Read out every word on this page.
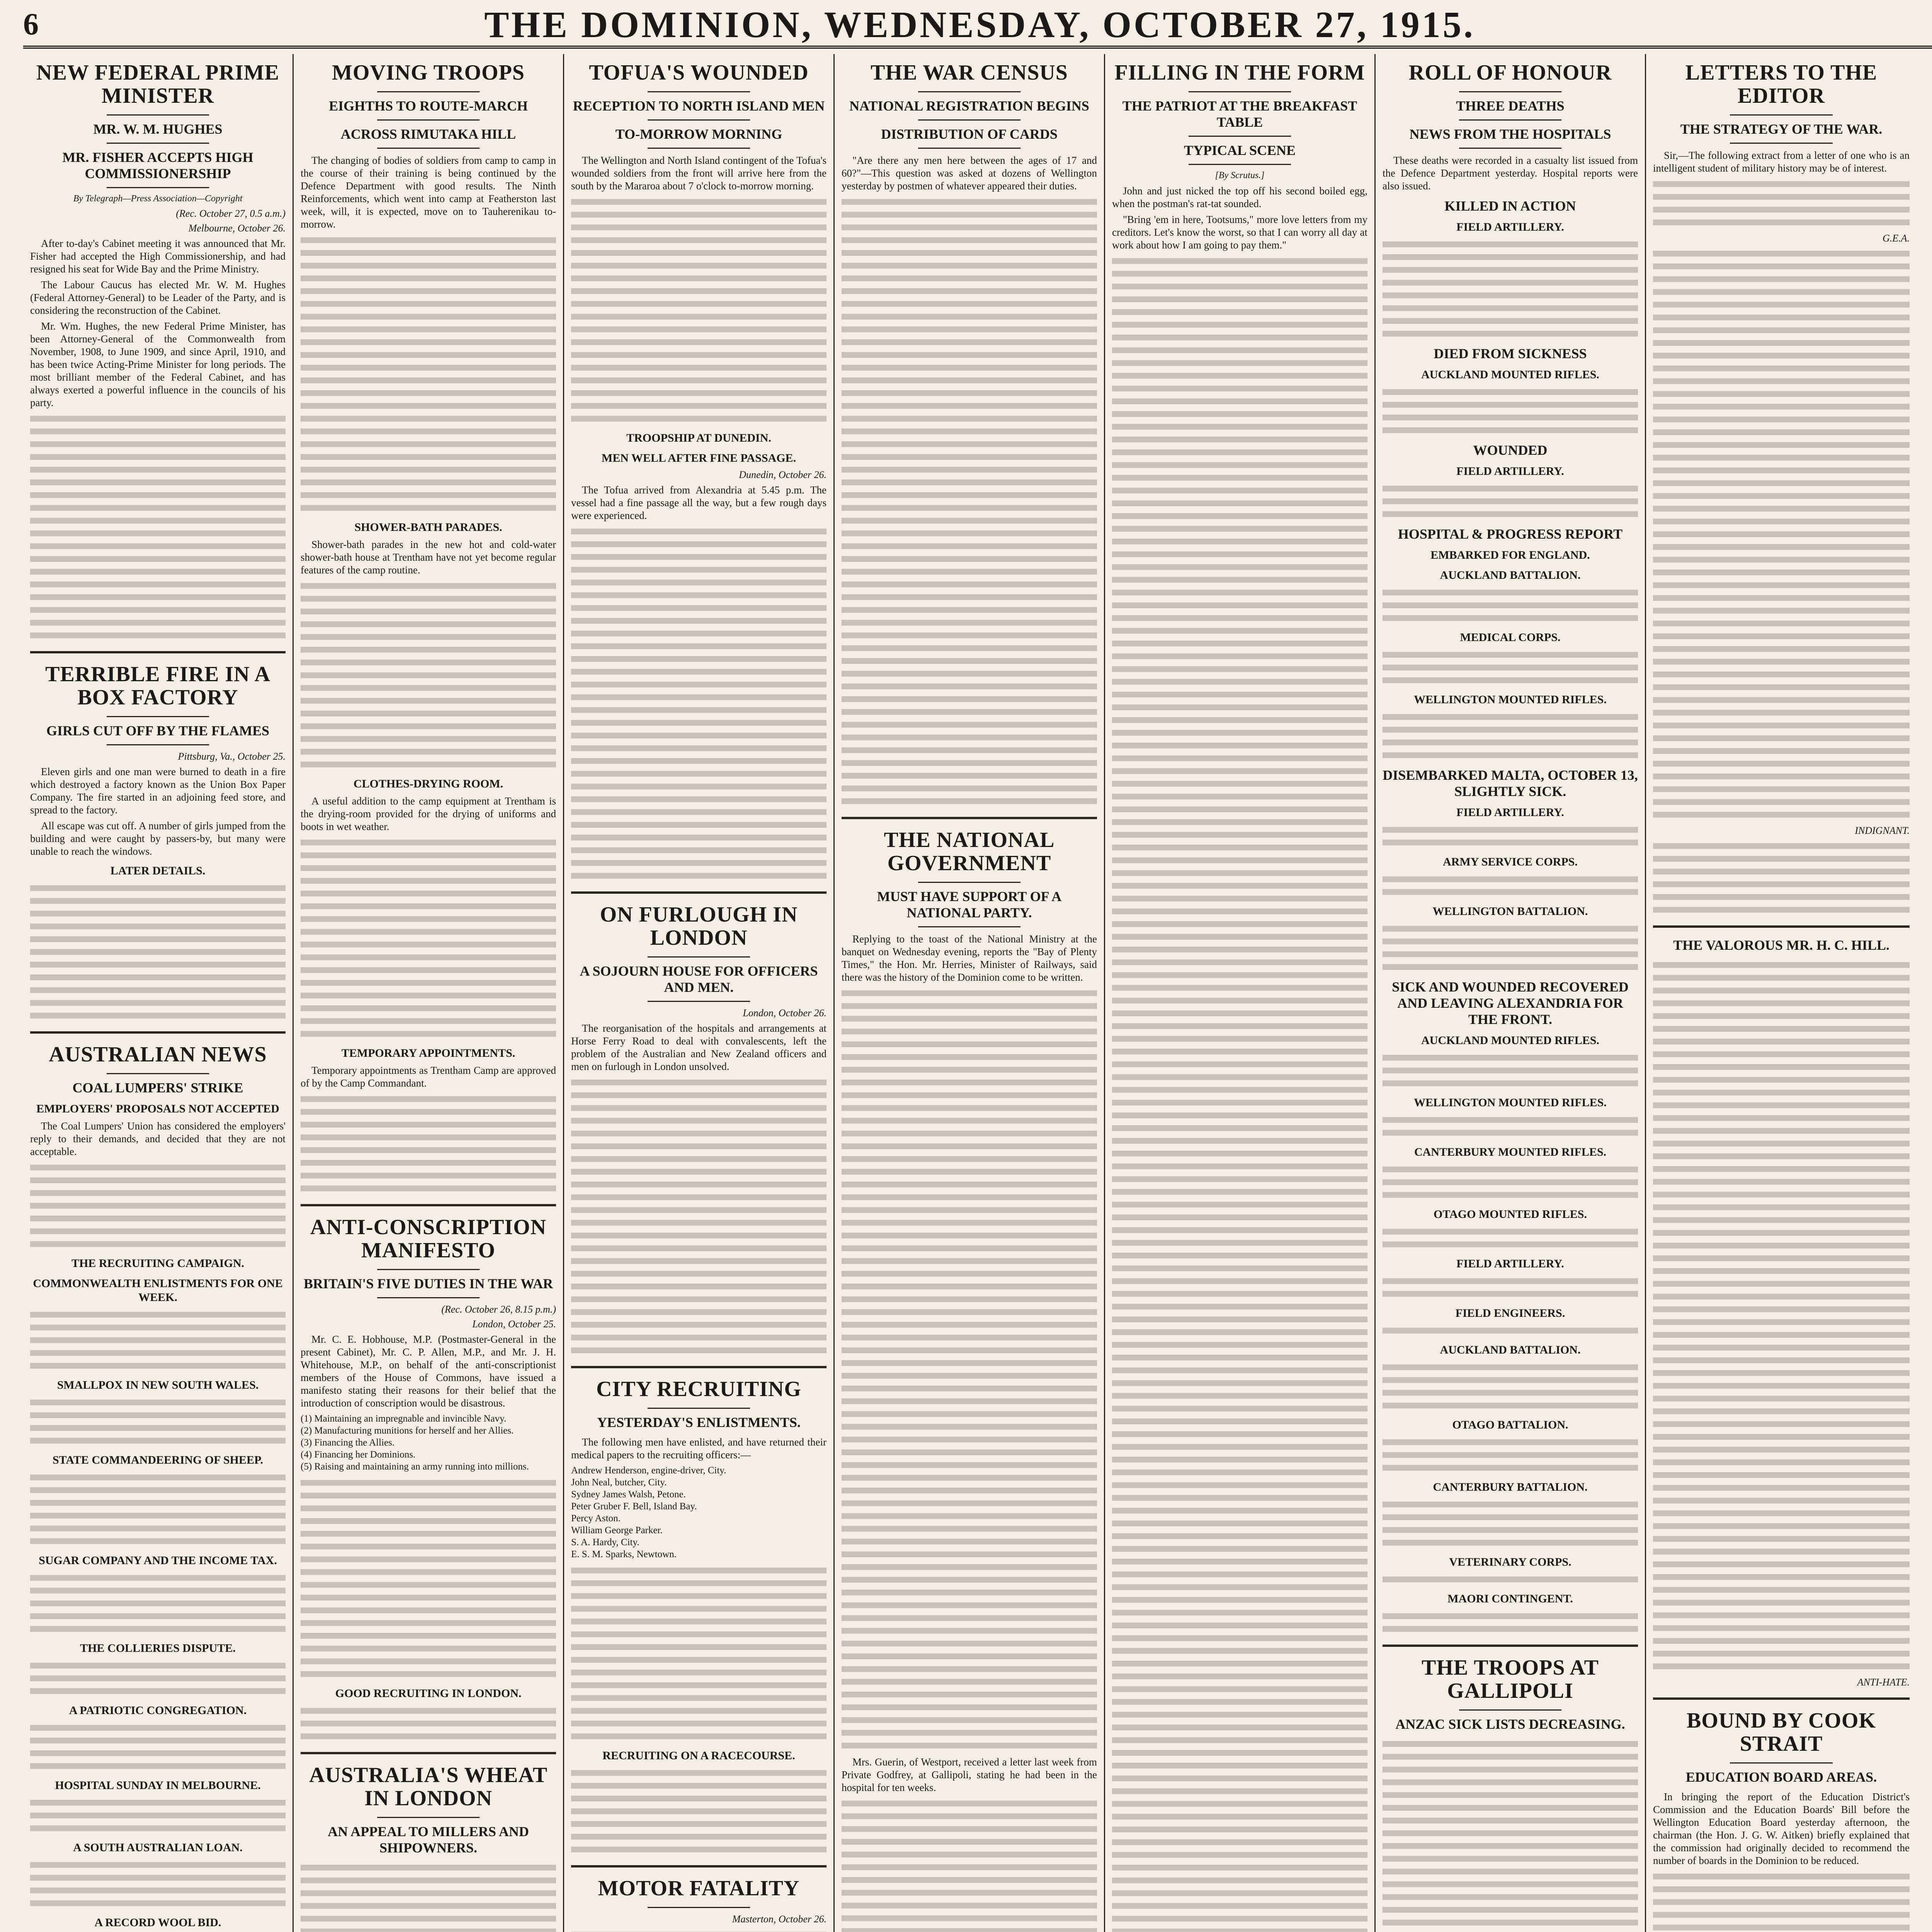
6	THE DOMINION, WEDNESDAY, OCTOBER 27, 1915.
NEW FEDERAL PRIME MINISTER
MR. W. M. HUGHES
MR. FISHER ACCEPTS HIGH COMMISSIONERSHIP
By Telegraph—Press Association—Copyright
(Rec. October 27, 0.5 a.m.)
Melbourne, October 26.

After to-day's Cabinet meeting it was announced that Mr. Fisher had accepted the High Commissionership, and had resigned his seat for Wide Bay and the Prime Ministry.

The Labour Caucus has elected Mr. W. M. Hughes (Federal Attorney-General) to be Leader of the Party, and is considering the reconstruction of the Cabinet.

Mr. Wm. Hughes, the new Federal Prime Minister, has been Attorney-General of the Commonwealth from November, 1908, to June 1909, and since April, 1910, and has been twice Acting-Prime Minister for long periods. The most brilliant member of the Federal Cabinet, and has always exerted a powerful influence in the councils of his party.

TERRIBLE FIRE IN A BOX FACTORY
GIRLS CUT OFF BY THE FLAMES
Pittsburg, Va., October 25.

Eleven girls and one man were burned to death in a fire which destroyed a factory known as the Union Box Paper Company. The fire started in an adjoining feed store, and spread to the factory.

All escape was cut off. A number of girls jumped from the building and were caught by passers-by, but many were unable to reach the windows.

LATER DETAILS.
AUSTRALIAN NEWS
COAL LUMPERS' STRIKE
EMPLOYERS' PROPOSALS NOT ACCEPTED

The Coal Lumpers' Union has considered the employers' reply to their demands, and decided that they are not acceptable.

THE RECRUITING CAMPAIGN.
COMMONWEALTH ENLISTMENTS FOR ONE WEEK.
SMALLPOX IN NEW SOUTH WALES.
STATE COMMANDEERING OF SHEEP.
SUGAR COMPANY AND THE INCOME TAX.
THE COLLIERIES DISPUTE.
A PATRIOTIC CONGREGATION.
HOSPITAL SUNDAY IN MELBOURNE.
A SOUTH AUSTRALIAN LOAN.
A RECORD WOOL BID.
MOVING TROOPS
EIGHTHS TO ROUTE-MARCH
ACROSS RIMUTAKA HILL

The changing of bodies of soldiers from camp to camp in the course of their training is being continued by the Defence Department with good results. The Ninth Reinforcements, which went into camp at Featherston last week, will, it is expected, move on to Tauherenikau to-morrow.

SHOWER-BATH PARADES.

Shower-bath parades in the new hot and cold-water shower-bath house at Trentham have not yet become regular features of the camp routine.

CLOTHES-DRYING ROOM.

A useful addition to the camp equipment at Trentham is the drying-room provided for the drying of uniforms and boots in wet weather.

TEMPORARY APPOINTMENTS.

Temporary appointments as Trentham Camp are approved of by the Camp Commandant.

ANTI-CONSCRIPTION MANIFESTO
BRITAIN'S FIVE DUTIES IN THE WAR
(Rec. October 26, 8.15 p.m.)
London, October 25.

Mr. C. E. Hobhouse, M.P. (Postmaster-General in the present Cabinet), Mr. C. P. Allen, M.P., and Mr. J. H. Whitehouse, M.P., on behalf of the anti-conscriptionist members of the House of Commons, have issued a manifesto stating their reasons for their belief that the introduction of conscription would be disastrous.

(1) Maintaining an impregnable and invincible Navy.
(2) Manufacturing munitions for herself and her Allies.
(3) Financing the Allies.
(4) Financing her Dominions.
(5) Raising and maintaining an army running into millions.
GOOD RECRUITING IN LONDON.
AUSTRALIA'S WHEAT IN LONDON
AN APPEAL TO MILLERS AND SHIPOWNERS.
TOFUA'S WOUNDED
RECEPTION TO NORTH ISLAND MEN
TO-MORROW MORNING

The Wellington and North Island contingent of the Tofua's wounded soldiers from the front will arrive here from the south by the Mararoa about 7 o'clock to-morrow morning.

TROOPSHIP AT DUNEDIN.
MEN WELL AFTER FINE PASSAGE.
Dunedin, October 26.

The Tofua arrived from Alexandria at 5.45 p.m. The vessel had a fine passage all the way, but a few rough days were experienced.

ON FURLOUGH IN LONDON
A SOJOURN HOUSE FOR OFFICERS AND MEN.
London, October 26.

The reorganisation of the hospitals and arrangements at Horse Ferry Road to deal with convalescents, left the problem of the Australian and New Zealand officers and men on furlough in London unsolved.

CITY RECRUITING
YESTERDAY'S ENLISTMENTS.

The following men have enlisted, and have returned their medical papers to the recruiting officers:—

Andrew Henderson, engine-driver, City.
John Neal, butcher, City.
Sydney James Walsh, Petone.
Peter Gruber F. Bell, Island Bay.
Percy Aston.
William George Parker.
S. A. Hardy, City.
E. S. M. Sparks, Newtown.
RECRUITING ON A RACECOURSE.
MOTOR FATALITY
Masterton, October 26.
THE WAR CENSUS
NATIONAL REGISTRATION BEGINS
DISTRIBUTION OF CARDS

"Are there any men here between the ages of 17 and 60?"—This question was asked at dozens of Wellington yesterday by postmen of whatever appeared their duties.

THE NATIONAL GOVERNMENT
MUST HAVE SUPPORT OF A NATIONAL PARTY.

Replying to the toast of the National Ministry at the banquet on Wednesday evening, reports the "Bay of Plenty Times," the Hon. Mr. Herries, Minister of Railways, said there was the history of the Dominion come to be written.

Mrs. Guerin, of Westport, received a letter last week from Private Godfrey, at Gallipoli, stating he had been in the hospital for ten weeks.

FILLING IN THE FORM
THE PATRIOT AT THE BREAKFAST TABLE
TYPICAL SCENE
[By Scrutus.]

John and just nicked the top off his second boiled egg, when the postman's rat-tat sounded.

"Bring 'em in here, Tootsums," more love letters from my creditors. Let's know the worst, so that I can worry all day at work about how I am going to pay them."

ROLL OF HONOUR
THREE DEATHS
NEWS FROM THE HOSPITALS

These deaths were recorded in a casualty list issued from the Defence Department yesterday. Hospital reports were also issued.

KILLED IN ACTION
FIELD ARTILLERY.
DIED FROM SICKNESS
AUCKLAND MOUNTED RIFLES.
WOUNDED
FIELD ARTILLERY.
HOSPITAL & PROGRESS REPORT
EMBARKED FOR ENGLAND.
AUCKLAND BATTALION.
MEDICAL CORPS.
WELLINGTON MOUNTED RIFLES.
DISEMBARKED MALTA, OCTOBER 13, SLIGHTLY SICK.
FIELD ARTILLERY.
ARMY SERVICE CORPS.
WELLINGTON BATTALION.
SICK AND WOUNDED RECOVERED AND LEAVING ALEXANDRIA FOR THE FRONT.
AUCKLAND MOUNTED RIFLES.
WELLINGTON MOUNTED RIFLES.
CANTERBURY MOUNTED RIFLES.
OTAGO MOUNTED RIFLES.
FIELD ARTILLERY.
FIELD ENGINEERS.
AUCKLAND BATTALION.
OTAGO BATTALION.
CANTERBURY BATTALION.
VETERINARY CORPS.
MAORI CONTINGENT.
THE TROOPS AT GALLIPOLI
ANZAC SICK LISTS DECREASING.

LETTERS TO THE EDITOR
THE STRATEGY OF THE WAR.

Sir,—The following extract from a letter of one who is an intelligent student of military history may be of interest.

G.E.A.
INDIGNANT.
THE VALOROUS MR. H. C. HILL.
ANTI-HATE.
BOUND BY COOK STRAIT
EDUCATION BOARD AREAS.

In bringing the report of the Education District's Commission and the Education Boards' Bill before the Wellington Education Board yesterday afternoon, the chairman (the Hon. J. G. W. Aitken) briefly explained that the commission had originally decided to recommend the number of boards in the Dominion to be reduced.
